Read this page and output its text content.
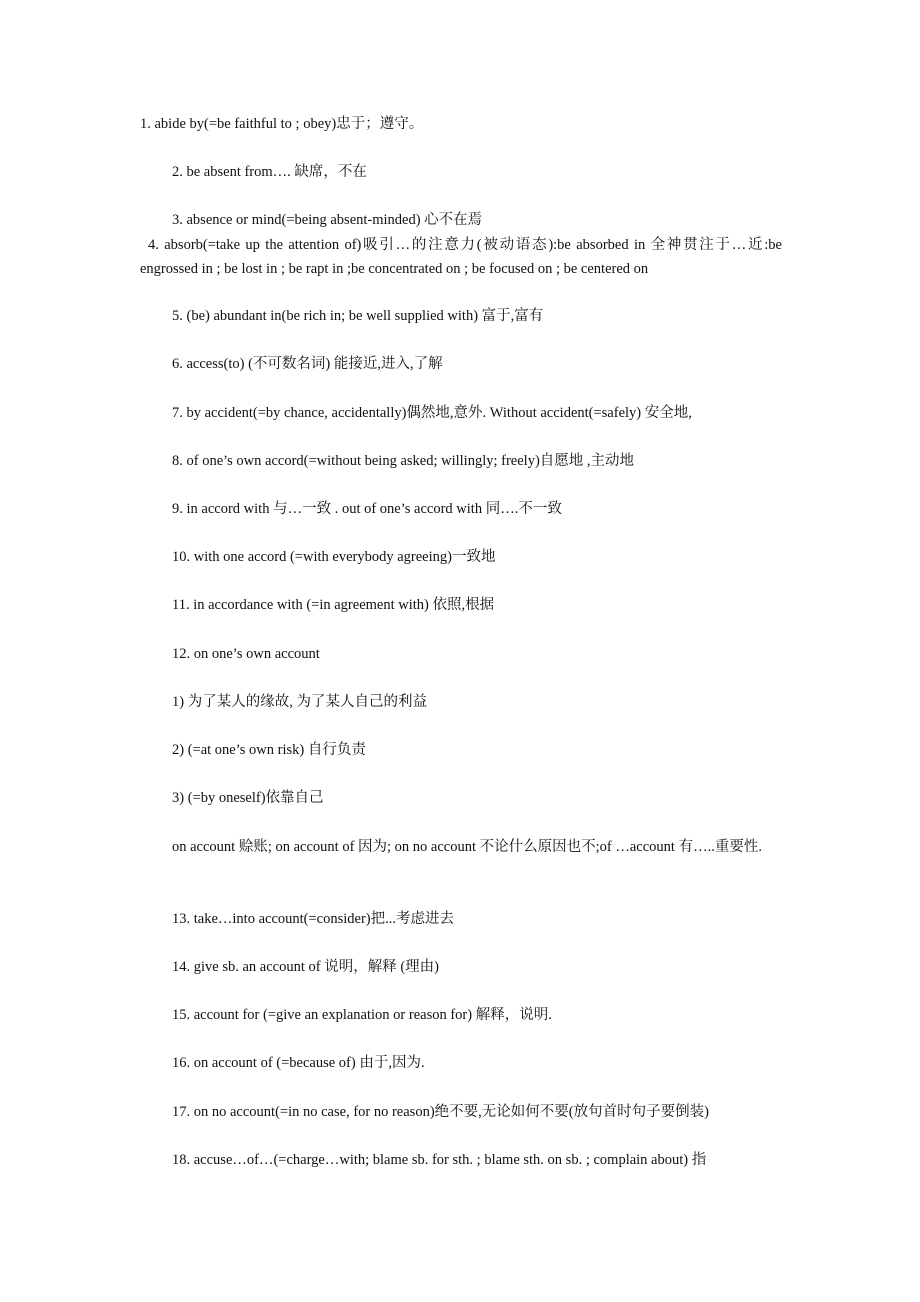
1. abide by(=be faithful to ; obey)忠于；遵守。
2. be absent from…. 缺席，不在
3. absence or mind(=being absent-minded) 心不在焉
4. absorb(=take up the attention of)吸引…的注意力(被动语态):be absorbed in 全神贯注于…近:be engrossed in ; be lost in ; be rapt in ;be concentrated on ; be focused on ; be centered on
5. (be) abundant in(be rich in; be well supplied with) 富于,富有
6. access(to) (不可数名词) 能接近,进入,了解
7. by accident(=by chance, accidentally)偶然地,意外. Without accident(=safely) 安全地,
8. of one’s own accord(=without being asked; willingly; freely)自愿地 ,主动地
9. in accord with 与…一致 . out of one’s accord with 同….不一致
10. with one accord (=with everybody agreeing)一致地
11. in accordance with (=in agreement with) 依照,根据
12. on one’s own account
1) 为了某人的缘故, 为了某人自己的利益
2) (=at one’s own risk) 自行负责
3) (=by oneself)依靠自己
on account 赊账; on account of 因为; on no account 不论什么原因也不;of …account 有…..重要性.
13. take…into account(=consider)把...考虑进去
14. give sb. an account of 说明，解释 (理由)
15. account for (=give an explanation or reason for) 解释，说明.
16. on account of (=because of) 由于,因为.
17. on no account(=in no case, for no reason)绝不要,无论如何不要(放句首时句子要倒装)
18. accuse…of…(=charge…with; blame sb. for sth. ; blame sth. on sb. ; complain about) 指
